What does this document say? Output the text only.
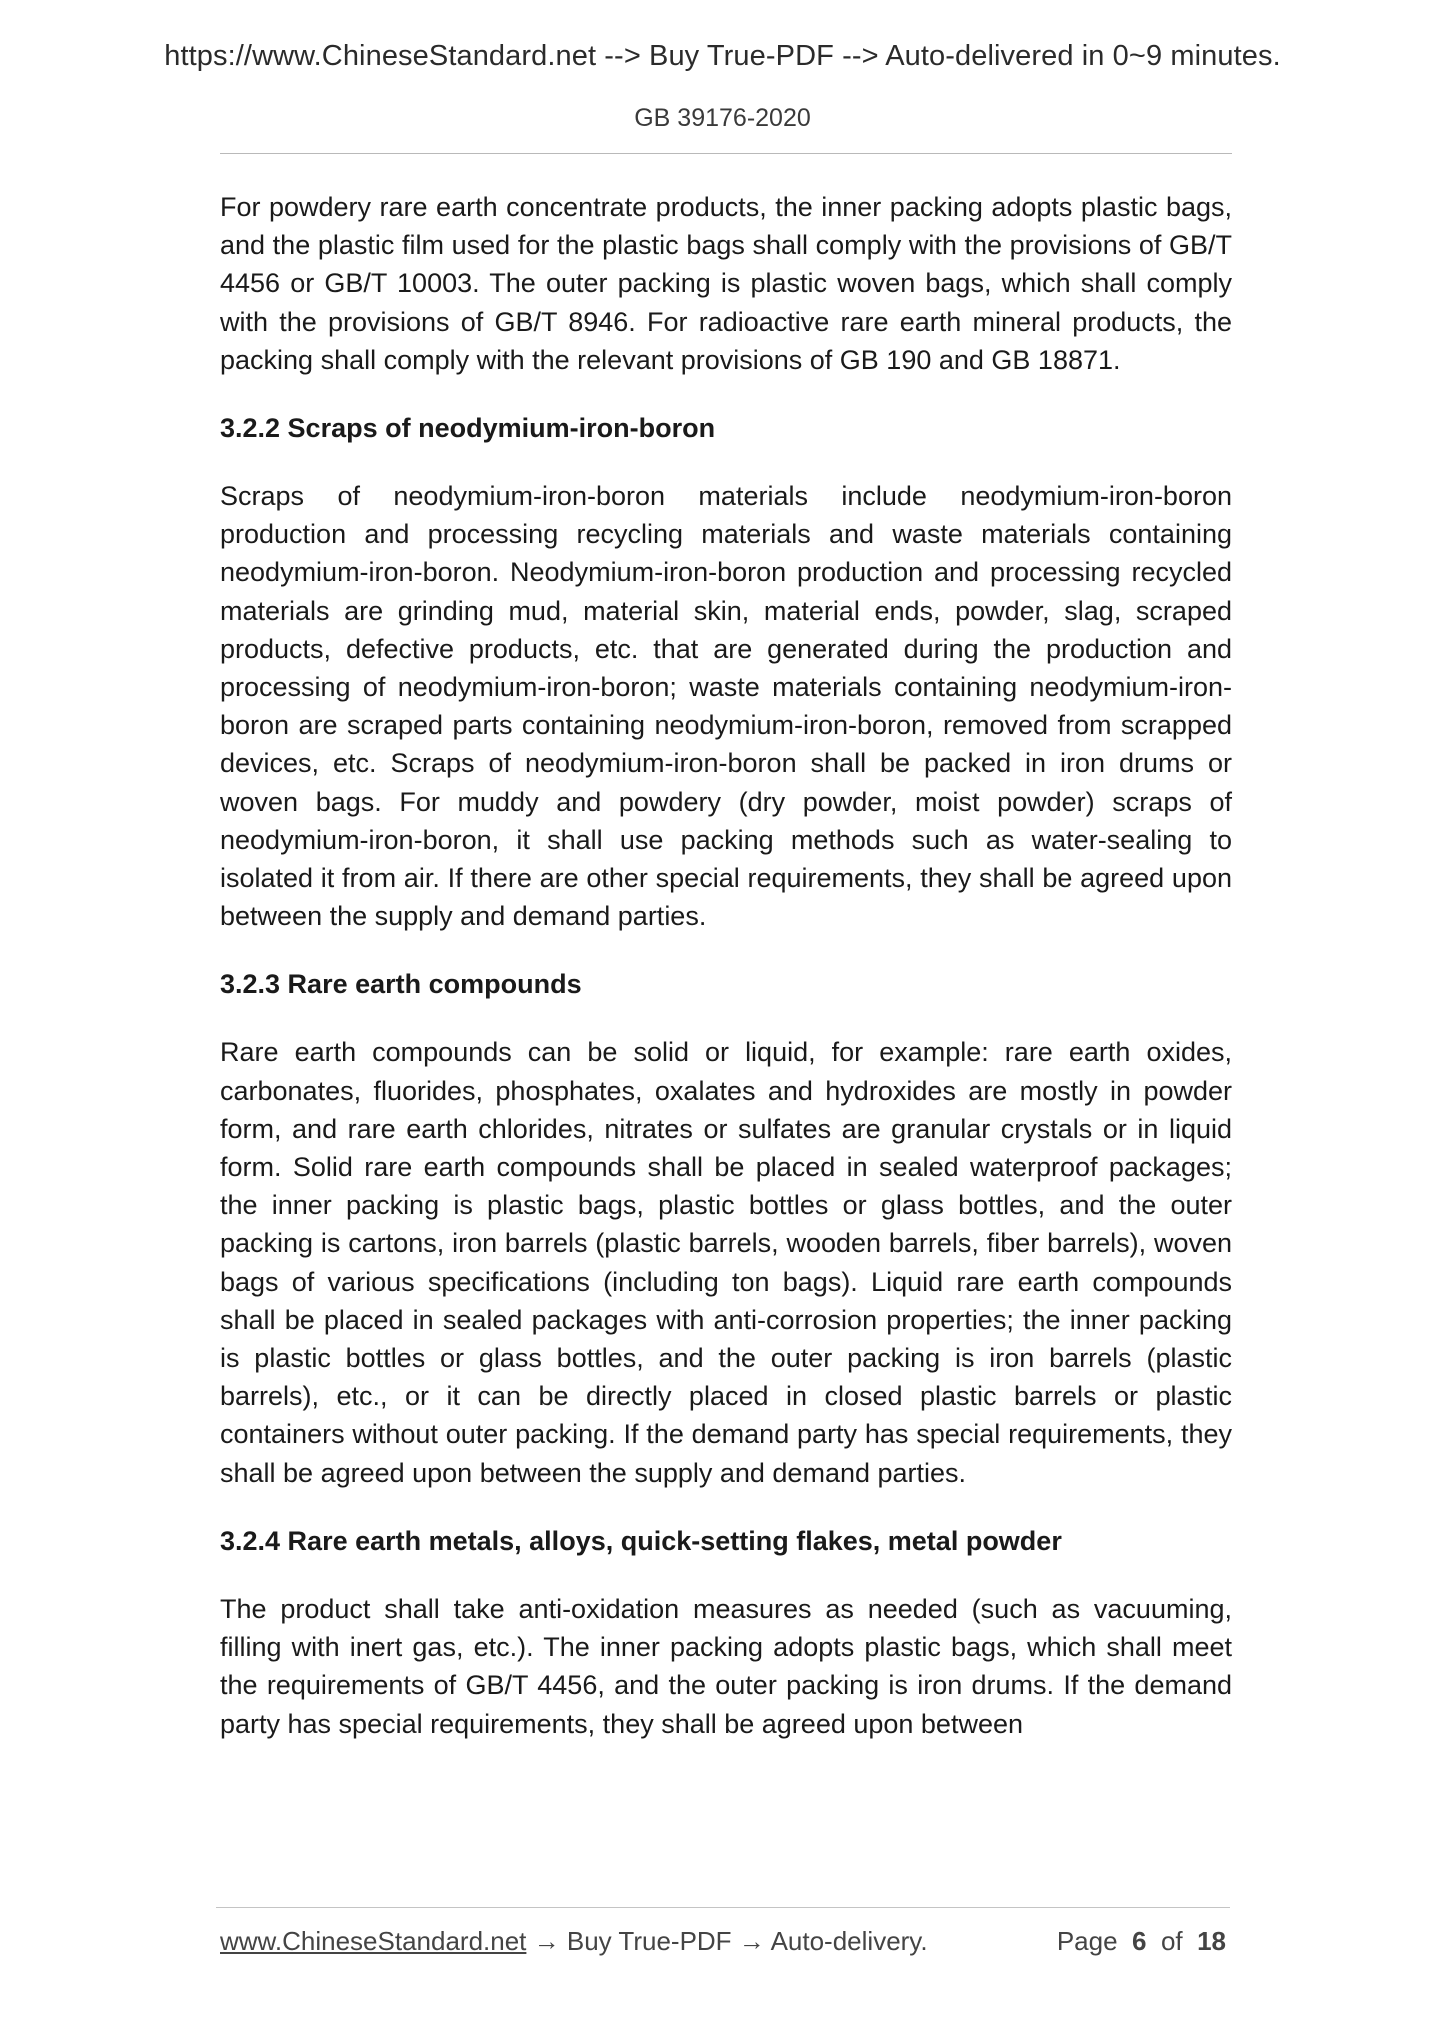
https://www.ChineseStandard.net --> Buy True-PDF --> Auto-delivered in 0~9 minutes.
GB 39176-2020

For powdery rare earth concentrate products, the inner packing adopts plastic bags, and the plastic film used for the plastic bags shall comply with the provisions of GB/T 4456 or GB/T 10003. The outer packing is plastic woven bags, which shall comply with the provisions of GB/T 8946. For radioactive rare earth mineral products, the packing shall comply with the relevant provisions of GB 190 and GB 18871.

3.2.2 Scraps of neodymium-iron-boron

Scraps of neodymium-iron-boron materials include neodymium-iron-boron production and processing recycling materials and waste materials containing neodymium-iron-boron. Neodymium-iron-boron production and processing recycled materials are grinding mud, material skin, material ends, powder, slag, scraped products, defective products, etc. that are generated during the production and processing of neodymium-iron-boron; waste materials containing neodymium-iron-boron are scraped parts containing neodymium-iron-boron, removed from scrapped devices, etc. Scraps of neodymium-iron-boron shall be packed in iron drums or woven bags. For muddy and powdery (dry powder, moist powder) scraps of neodymium-iron-boron, it shall use packing methods such as water-sealing to isolated it from air. If there are other special requirements, they shall be agreed upon between the supply and demand parties.

3.2.3 Rare earth compounds

Rare earth compounds can be solid or liquid, for example: rare earth oxides, carbonates, fluorides, phosphates, oxalates and hydroxides are mostly in powder form, and rare earth chlorides, nitrates or sulfates are granular crystals or in liquid form. Solid rare earth compounds shall be placed in sealed waterproof packages; the inner packing is plastic bags, plastic bottles or glass bottles, and the outer packing is cartons, iron barrels (plastic barrels, wooden barrels, fiber barrels), woven bags of various specifications (including ton bags). Liquid rare earth compounds shall be placed in sealed packages with anti-corrosion properties; the inner packing is plastic bottles or glass bottles, and the outer packing is iron barrels (plastic barrels), etc., or it can be directly placed in closed plastic barrels or plastic containers without outer packing. If the demand party has special requirements, they shall be agreed upon between the supply and demand parties.

3.2.4 Rare earth metals, alloys, quick-setting flakes, metal powder

The product shall take anti-oxidation measures as needed (such as vacuuming, filling with inert gas, etc.). The inner packing adopts plastic bags, which shall meet the requirements of GB/T 4456, and the outer packing is iron drums. If the demand party has special requirements, they shall be agreed upon between

www.ChineseStandard.net → Buy True-PDF → Auto-delivery.	Page 6 of 18
